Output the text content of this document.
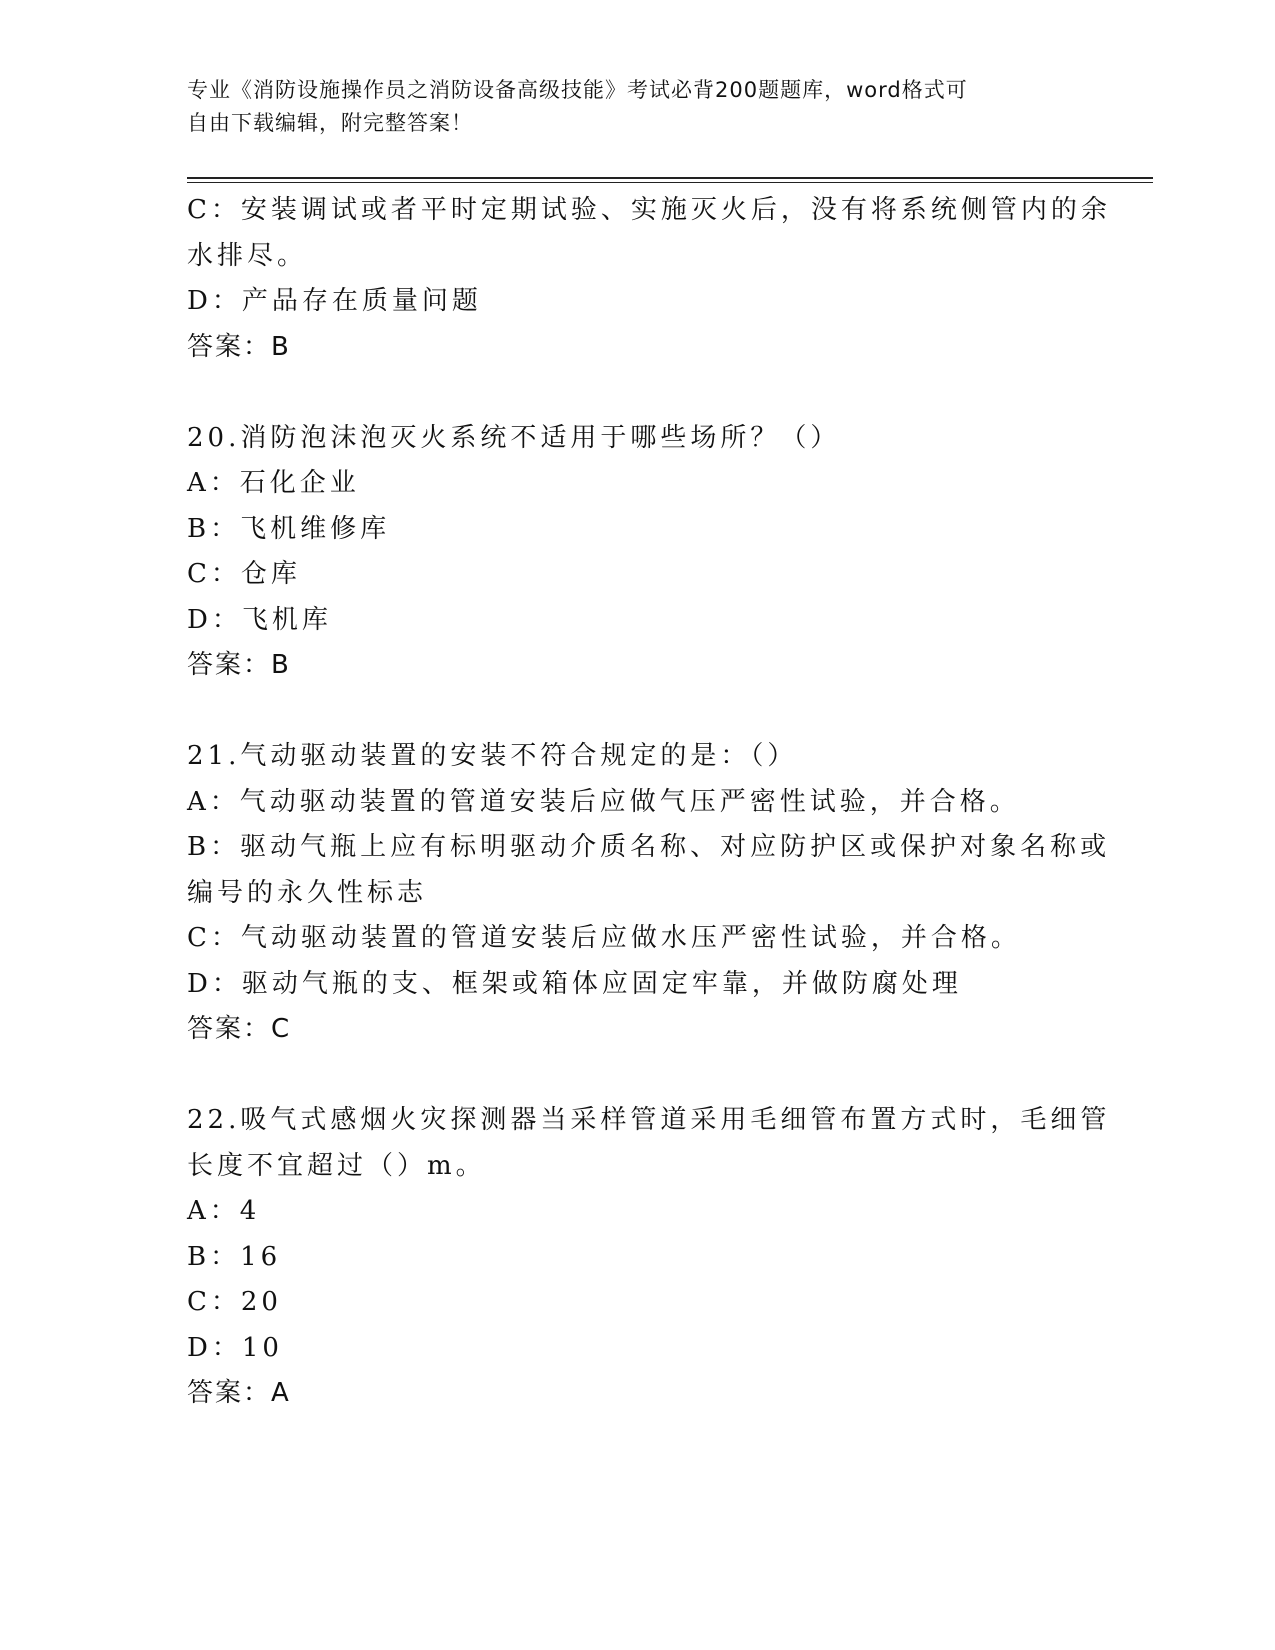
专业《消防设施操作员之消防设备高级技能》考试必背200题题库，word格式可
自由下载编辑，附完整答案！

C：安装调试或者平时定期试验、实施灭火后，没有将系统侧管内的余

水排尽。

D：产品存在质量问题

答案：B

20.消防泡沫泡灭火系统不适用于哪些场所？（）

A：石化企业

B：飞机维修库

C：仓库

D：飞机库

答案：B

21.气动驱动装置的安装不符合规定的是：（）

A：气动驱动装置的管道安装后应做气压严密性试验，并合格。

B：驱动气瓶上应有标明驱动介质名称、对应防护区或保护对象名称或

编号的永久性标志

C：气动驱动装置的管道安装后应做水压严密性试验，并合格。

D：驱动气瓶的支、框架或箱体应固定牢靠，并做防腐处理

答案：C

22.吸气式感烟火灾探测器当采样管道采用毛细管布置方式时，毛细管

长度不宜超过（）m。

A：4

B：16

C：20

D：10

答案：A
